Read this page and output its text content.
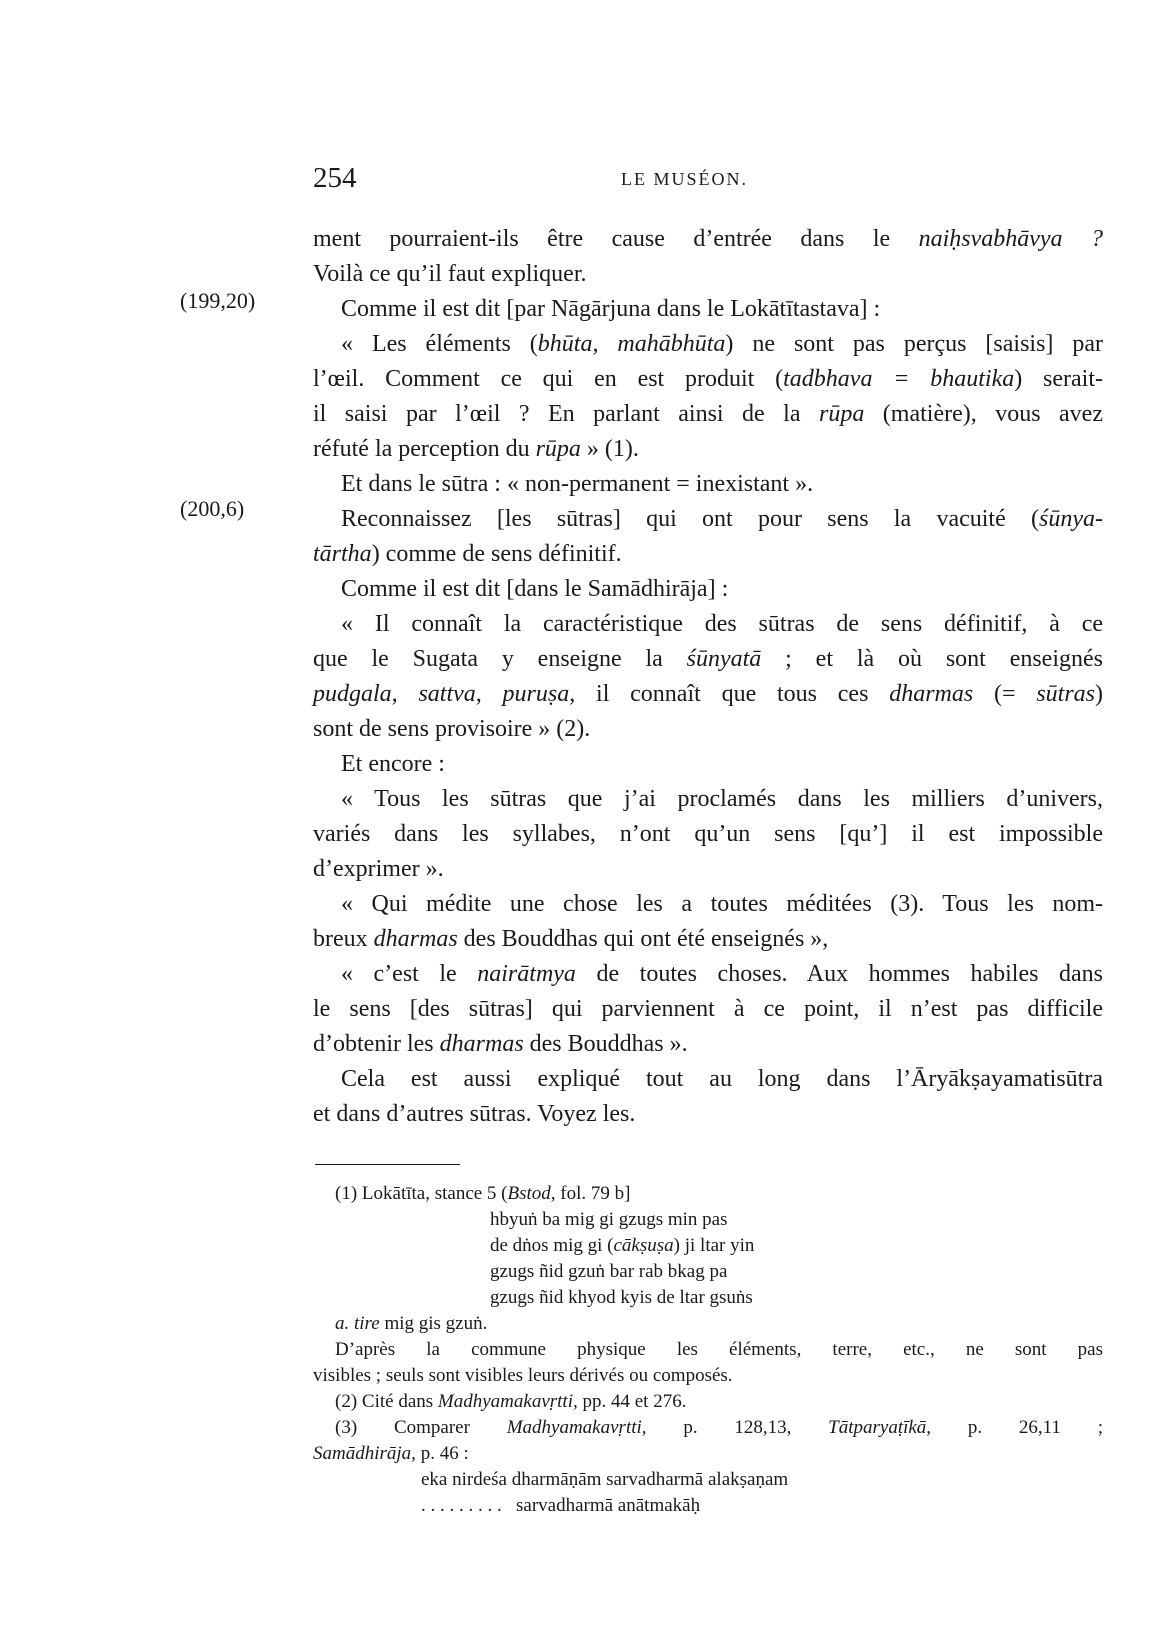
254	LE MUSÉON.
(199,20)
(200,6)
ment pourraient-ils être cause d’entrée dans le naiḥsvabhāvya ?
Voilà ce qu’il faut expliquer.
Comme il est dit [par Nāgārjuna dans le Lokātītastava] :
« Les éléments (bhūta, mahābhūta) ne sont pas perçus [saisis] par
l’œil. Comment ce qui en est produit (tadbhava = bhautika) serait-
il saisi par l’œil ? En parlant ainsi de la rūpa (matière), vous avez
réfuté la perception du rūpa » (1).
Et dans le sūtra : « non-permanent = inexistant ».
Reconnaissez [les sūtras] qui ont pour sens la vacuité (śūnya-
tārtha) comme de sens définitif.
Comme il est dit [dans le Samādhirāja] :
« Il connaît la caractéristique des sūtras de sens définitif, à ce
que le Sugata y enseigne la śūnyatā ; et là où sont enseignés
pudgala, sattva, puruṣa, il connaît que tous ces dharmas (= sūtras)
sont de sens provisoire » (2).
Et encore :
« Tous les sūtras que j’ai proclamés dans les milliers d’univers,
variés dans les syllabes, n’ont qu’un sens [qu’] il est impossible
d’exprimer ».
« Qui médite une chose les a toutes méditées (3). Tous les nom-
breux dharmas des Bouddhas qui ont été enseignés »,
« c’est le nairātmya de toutes choses. Aux hommes habiles dans
le sens [des sūtras] qui parviennent à ce point, il n’est pas difficile
d’obtenir les dharmas des Bouddhas ».
Cela est aussi expliqué tout au long dans l’Āryākṣayamatisūtra
et dans d’autres sūtras. Voyez les.
(1) Lokātīta, stance 5 (Bstod, fol. 79 b]
hbyuṅ ba mig gi gzugs min pas
de dṅos mig gi (cākṣuṣa) ji ltar yin
gzugs ñid gzuṅ bar rab bkag pa
gzugs ñid khyod kyis de ltar gsuṅs
a. tire mig gis gzuṅ.
D’après la commune physique les éléments, terre, etc., ne sont pas
visibles ; seuls sont visibles leurs dérivés ou composés.
(2) Cité dans Madhyamakavṛtti, pp. 44 et 276.
(3) Comparer Madhyamakavṛtti, p. 128,13, Tātparyaṭīkā, p. 26,11 ;
Samādhirāja, p. 46 :
eka nirdeśa dharmāṇām sarvadharmā alakṣaṇam
. . . . . . . . .   sarvadharmā anātmakāḥ
